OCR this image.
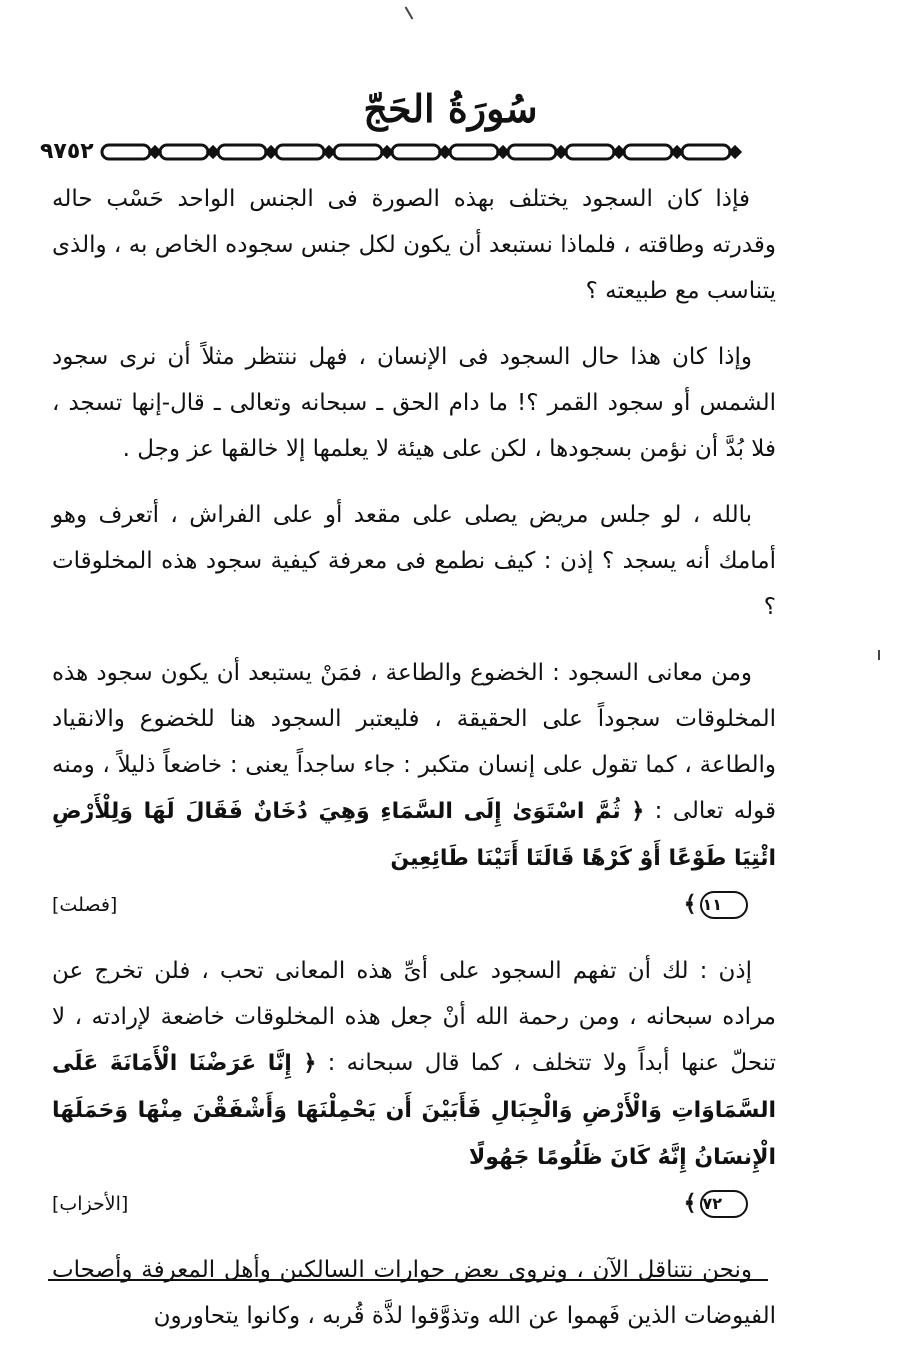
سُورَةُ الحَجّ
٩٧٥٢

فإذا كان السجود يختلف بهذه الصورة فى الجنس الواحد حَسْب حاله وقدرته وطاقته ، فلماذا نستبعد أن يكون لكل جنس سجوده الخاص به ، والذى يتناسب مع طبيعته ؟

وإذا كان هذا حال السجود فى الإنسان ، فهل ننتظر مثلاً أن نرى سجود الشمس أو سجود القمر ؟! ما دام الحق ـ سبحانه وتعالى ـ قال-إنها تسجد ، فلا بُدَّ أن نؤمن بسجودها ، لكن على هيئة لا يعلمها إلا خالقها عز وجل .

بالله ، لو جلس مريض يصلى على مقعد أو على الفراش ، أتعرف وهو أمامك أنه يسجد ؟ إذن : كيف نطمع فى معرفة كيفية سجود هذه المخلوقات ؟

ومن معانى السجود : الخضوع والطاعة ، فمَنْ يستبعد أن يكون سجود هذه المخلوقات سجوداً على الحقيقة ، فليعتبر السجود هنا للخضوع والانقياد والطاعة ، كما تقول على إنسان متكبر : جاء ساجداً يعنى : خاضعاً ذليلاً ، ومنه قوله تعالى : ﴿ ثُمَّ اسْتَوَىٰ إِلَى السَّمَاءِ وَهِيَ دُخَانٌ فَقَالَ لَهَا وَلِلْأَرْضِ ائْتِيَا طَوْعًا أَوْ كَرْهًا قَالَتَا أَتَيْنَا طَائِعِينَ
١١﴾
[فصلت]
إذن : لك أن تفهم السجود على أىِّ هذه المعانى تحب ، فلن تخرج عن مراده سبحانه ، ومن رحمة الله أنْ جعل هذه المخلوقات خاضعة لإرادته ، لا تنحلّ عنها أبداً ولا تتخلف ، كما قال سبحانه : ﴿ إِنَّا عَرَضْنَا الْأَمَانَةَ عَلَى السَّمَاوَاتِ وَالْأَرْضِ وَالْجِبَالِ فَأَبَيْنَ أَن يَحْمِلْنَهَا وَأَشْفَقْنَ مِنْهَا وَحَمَلَهَا الْإِنسَانُ إِنَّهُ كَانَ ظَلُومًا جَهُولًا
٧٢﴾
[الأحزاب]

ونحن نتناقل الآن ، ونروى بعض حوارات السالكين وأهل المعرفة وأصحاب الفيوضات الذين فَهموا عن الله وتذوَّقوا لذَّة قُربه ، وكانوا يتحاورون
